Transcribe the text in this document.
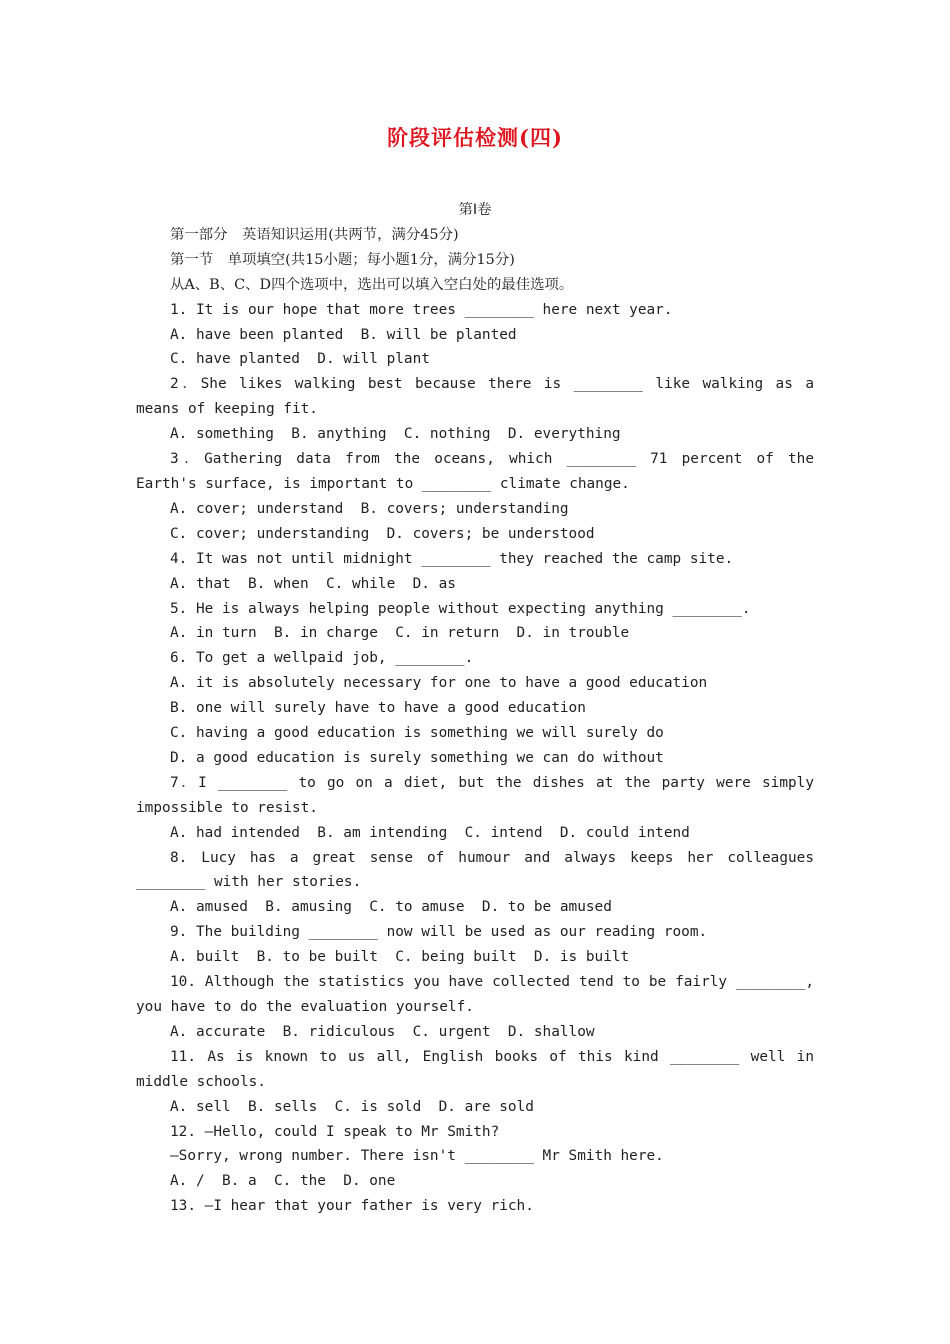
阶段评估检测(四)

第Ⅰ卷

第一部分　英语知识运用(共两节，满分45分)

第一节　单项填空(共15小题；每小题1分，满分15分)

从A、B、C、D四个选项中，选出可以填入空白处的最佳选项。

1. It is our hope that more trees ________ here next year.

A. have been planted  B. will be planted

C. have planted  D. will plant

2．She likes walking best because there is ________ like walking as a means of keeping fit.

A. something  B. anything  C. nothing  D. everything

3．Gathering data from the oceans, which ________ 71 percent of the Earth's surface, is important to ________ climate change.

A. cover; understand  B. covers; understanding

C. cover; understanding  D. covers; be understood

4. It was not until midnight ________ they reached the camp site.

A. that  B. when  C. while  D. as

5. He is always helping people without expecting anything ________.

A. in turn  B. in charge  C. in return  D. in trouble

6. To get a wellpaid job, ________.

A. it is absolutely necessary for one to have a good education

B. one will surely have to have a good education

C. having a good education is something we will surely do

D. a good education is surely something we can do without

7．I ________ to go on a diet, but the dishes at the party were simply impossible to resist.

A. had intended  B. am intending  C. intend  D. could intend

8. Lucy has a great sense of humour and always keeps her colleagues ________ with her stories.

A. amused  B. amusing  C. to amuse  D. to be amused

9. The building ________ now will be used as our reading room.

A. built  B. to be built  C. being built  D. is built

10. Although the statistics you have collected tend to be fairly ________, you have to do the evaluation yourself.

A. accurate  B. ridiculous  C. urgent  D. shallow

11. As is known to us all, English books of this kind ________ well in middle schools.

A. sell  B. sells  C. is sold  D. are sold

12. —Hello, could I speak to Mr Smith?

—Sorry, wrong number. There isn't ________ Mr Smith here.

A. /  B. a  C. the  D. one

13. —I hear that your father is very rich.
